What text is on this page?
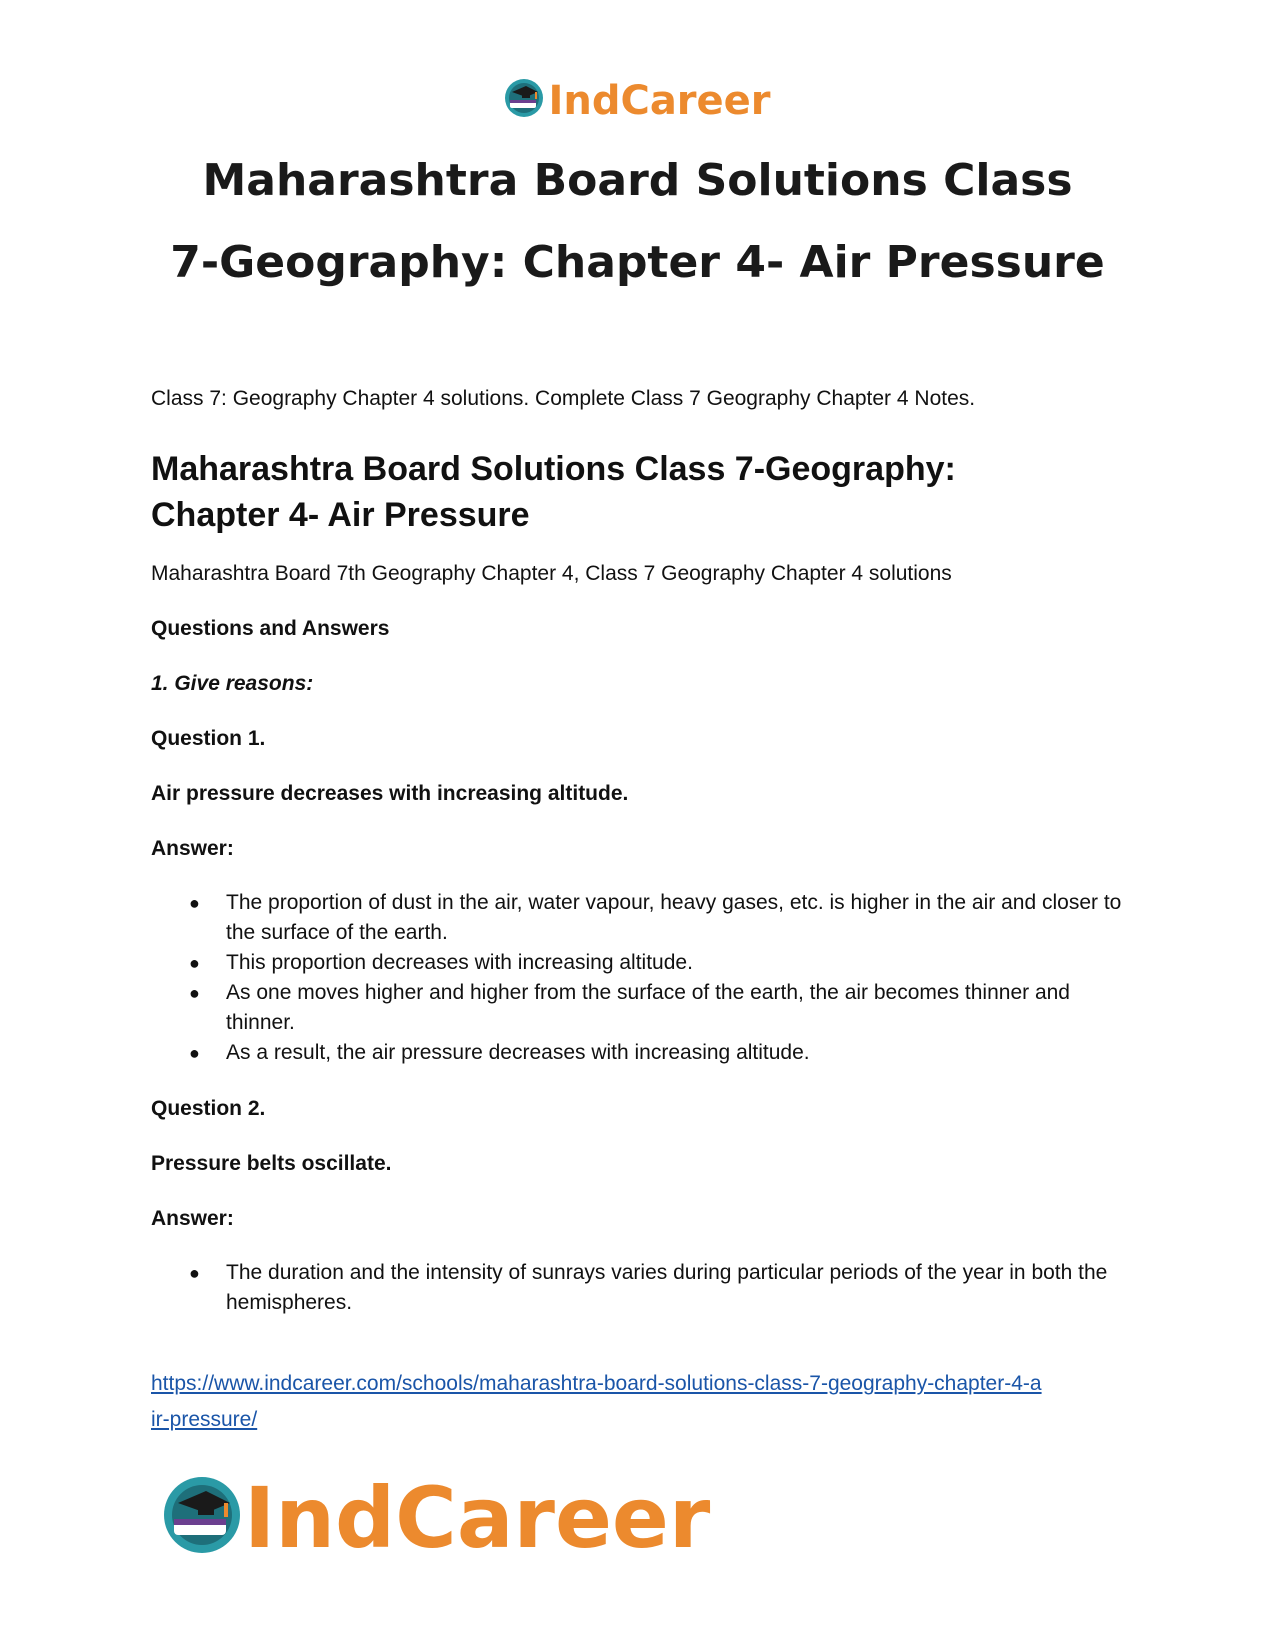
IndCareer
Maharashtra Board Solutions Class
7-Geography: Chapter 4- Air Pressure

Class 7: Geography Chapter 4 solutions. Complete Class 7 Geography Chapter 4 Notes.

Maharashtra Board Solutions Class 7-Geography:
Chapter 4- Air Pressure

Maharashtra Board 7th Geography Chapter 4, Class 7 Geography Chapter 4 solutions

Questions and Answers

1. Give reasons:

Question 1.

Air pressure decreases with increasing altitude.

Answer:

● The proportion of dust in the air, water vapour, heavy gases, etc. is higher in the air and closer to the surface of the earth.
● This proportion decreases with increasing altitude.
● As one moves higher and higher from the surface of the earth, the air becomes thinner and thinner.
● As a result, the air pressure decreases with increasing altitude.

Question 2.

Pressure belts oscillate.

Answer:

● The duration and the intensity of sunrays varies during particular periods of the year in both the hemispheres.
https://www.indcareer.com/schools/maharashtra-board-solutions-class-7-geography-chapter-4-a
ir-pressure/
IndCareer
